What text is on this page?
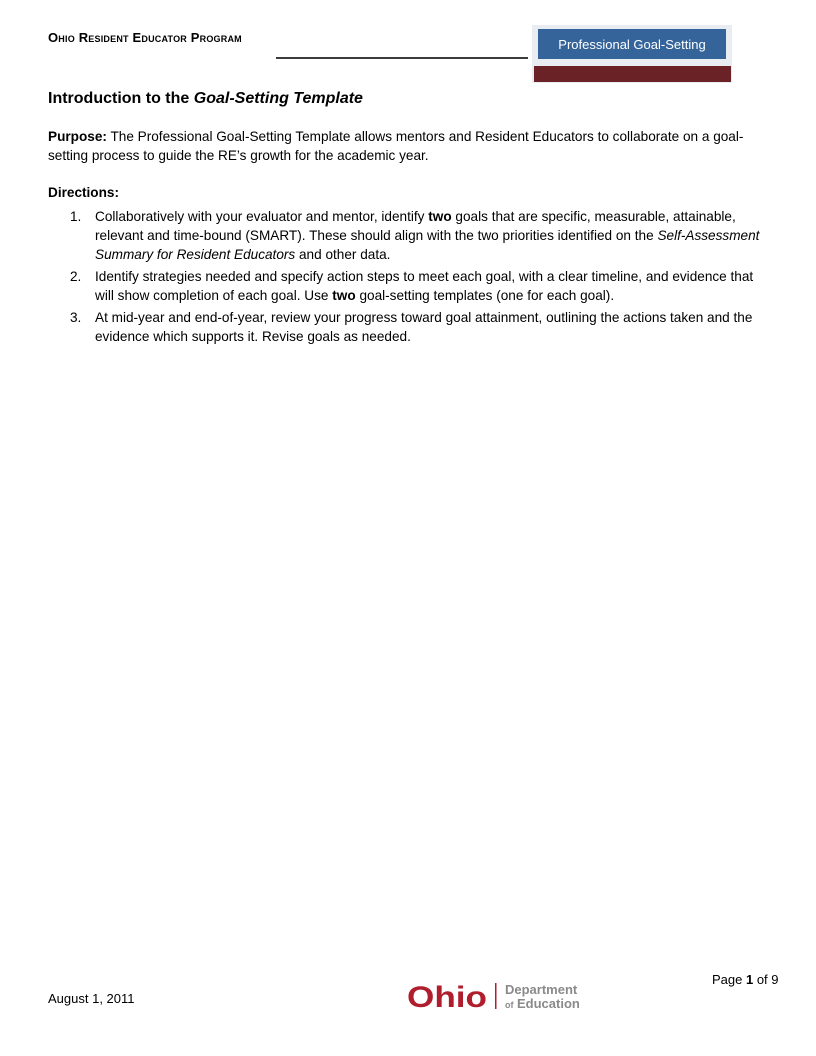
Ohio Resident Educator Program	Professional Goal-Setting
Introduction to the Goal-Setting Template
Purpose: The Professional Goal-Setting Template allows mentors and Resident Educators to collaborate on a goal-setting process to guide the RE’s growth for the academic year.
Directions:
1. Collaboratively with your evaluator and mentor, identify two goals that are specific, measurable, attainable, relevant and time-bound (SMART). These should align with the two priorities identified on the Self-Assessment Summary for Resident Educators and other data.
2. Identify strategies needed and specify action steps to meet each goal, with a clear timeline, and evidence that will show completion of each goal. Use two goal-setting templates (one for each goal).
3. At mid-year and end-of-year, review your progress toward goal attainment, outlining the actions taken and the evidence which supports it. Revise goals as needed.
Page 1 of 9
August 1, 2011	Ohio Department
of Education
